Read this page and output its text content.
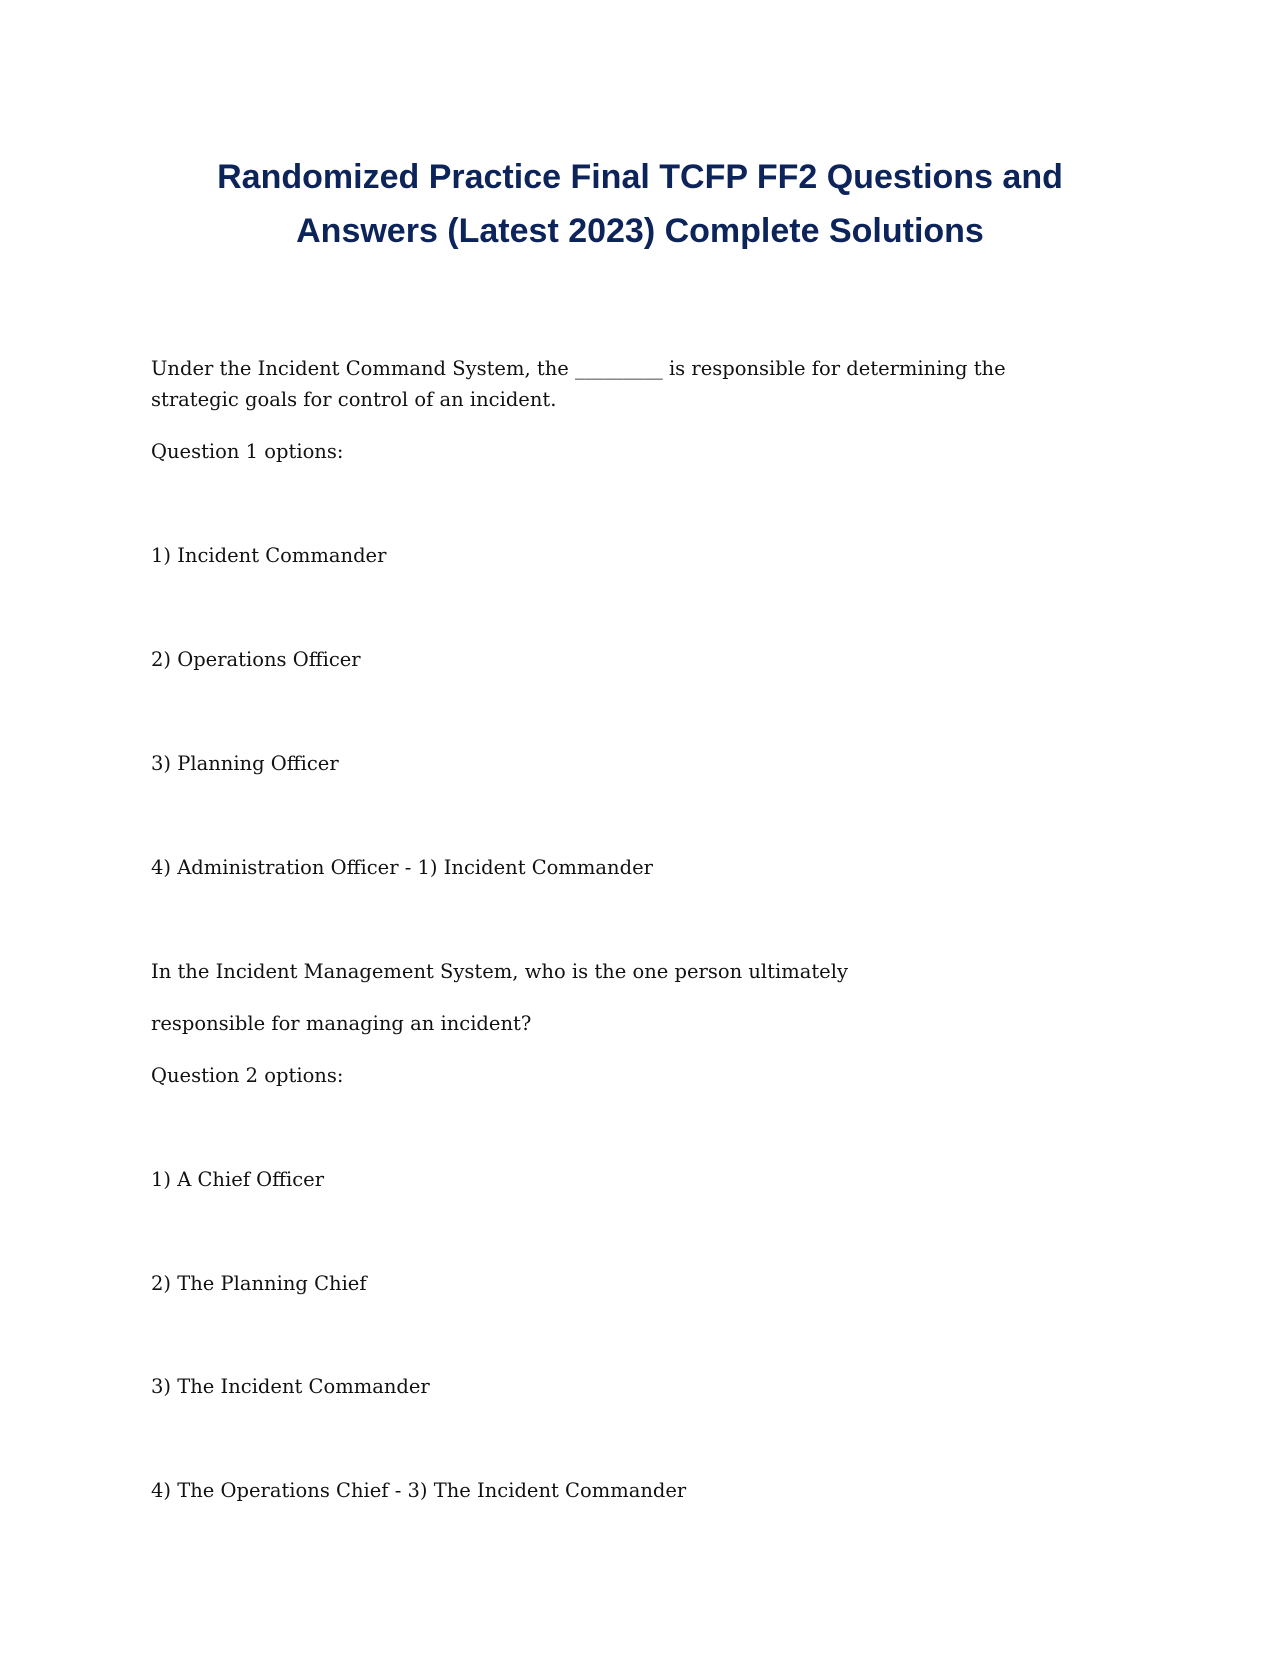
Randomized Practice Final TCFP FF2 Questions and
Answers (Latest 2023) Complete Solutions

Under the Incident Command System, the _________ is responsible for determining the strategic goals for control of an incident.

Question 1 options:

1) Incident Commander

2) Operations Officer

3) Planning Officer

4) Administration Officer - 1) Incident Commander

In the Incident Management System, who is the one person ultimately

responsible for managing an incident?

Question 2 options:

1) A Chief Officer

2) The Planning Chief

3) The Incident Commander

4) The Operations Chief - 3) The Incident Commander
